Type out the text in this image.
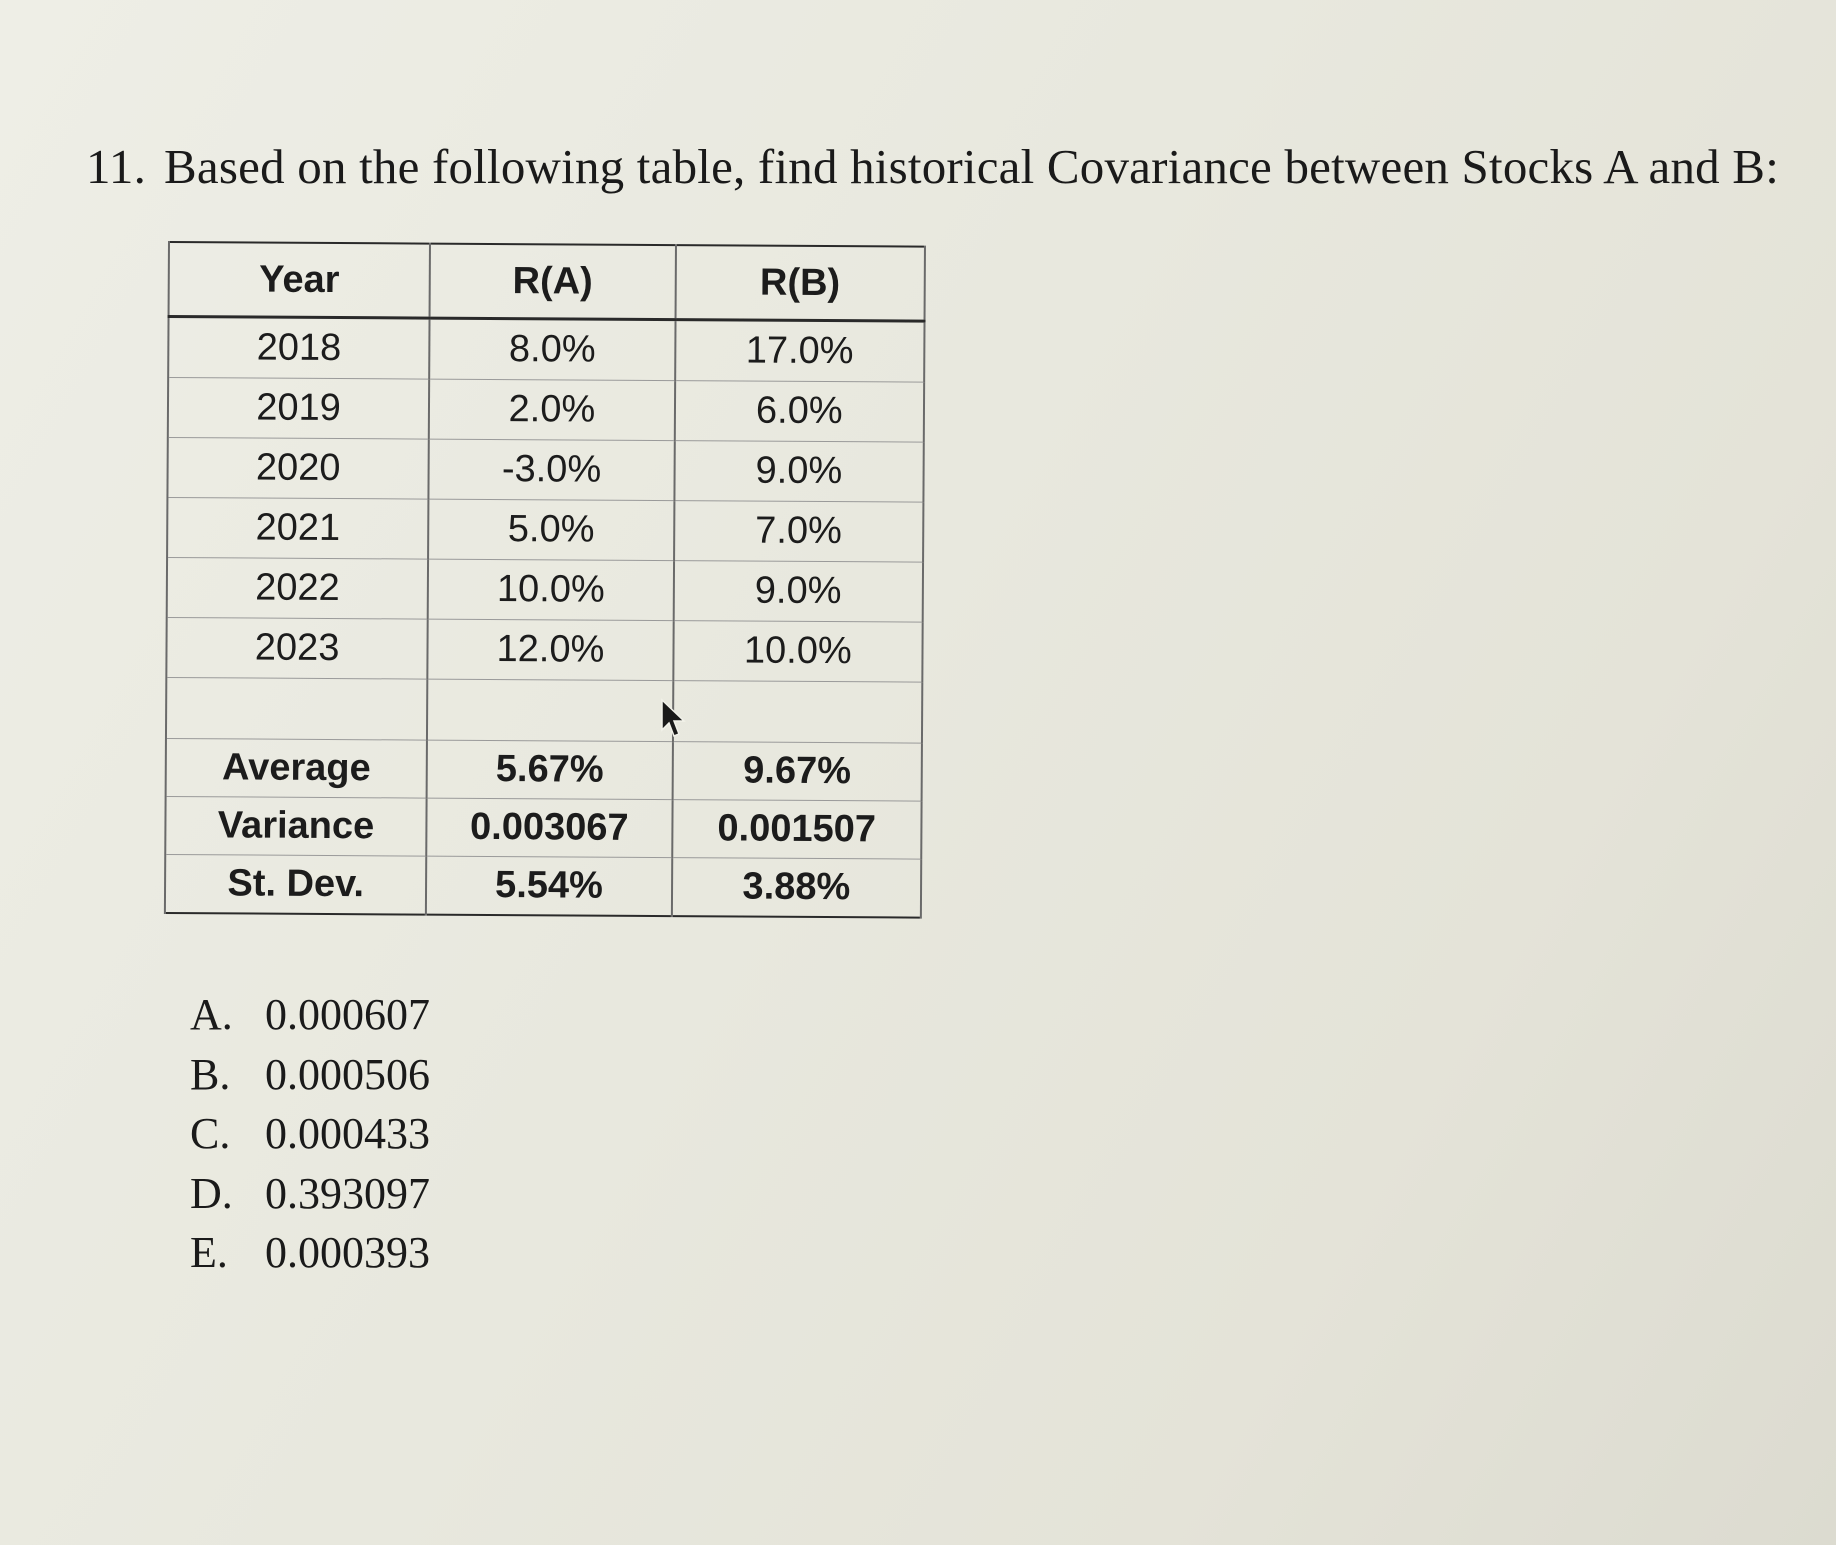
11. Based on the following table, find historical Covariance between Stocks A and B:
Year	R(A)	R(B)
2018	8.0%	17.0%
2019	2.0%	6.0%
2020	-3.0%	9.0%
2021	5.0%	7.0%
2022	10.0%	9.0%
2023	12.0%	10.0%

Average	5.67%	9.67%
Variance	0.003067	0.001507
St. Dev.	5.54%	3.88%
A. 0.000607
B. 0.000506
C. 0.000433
D. 0.393097
E. 0.000393
